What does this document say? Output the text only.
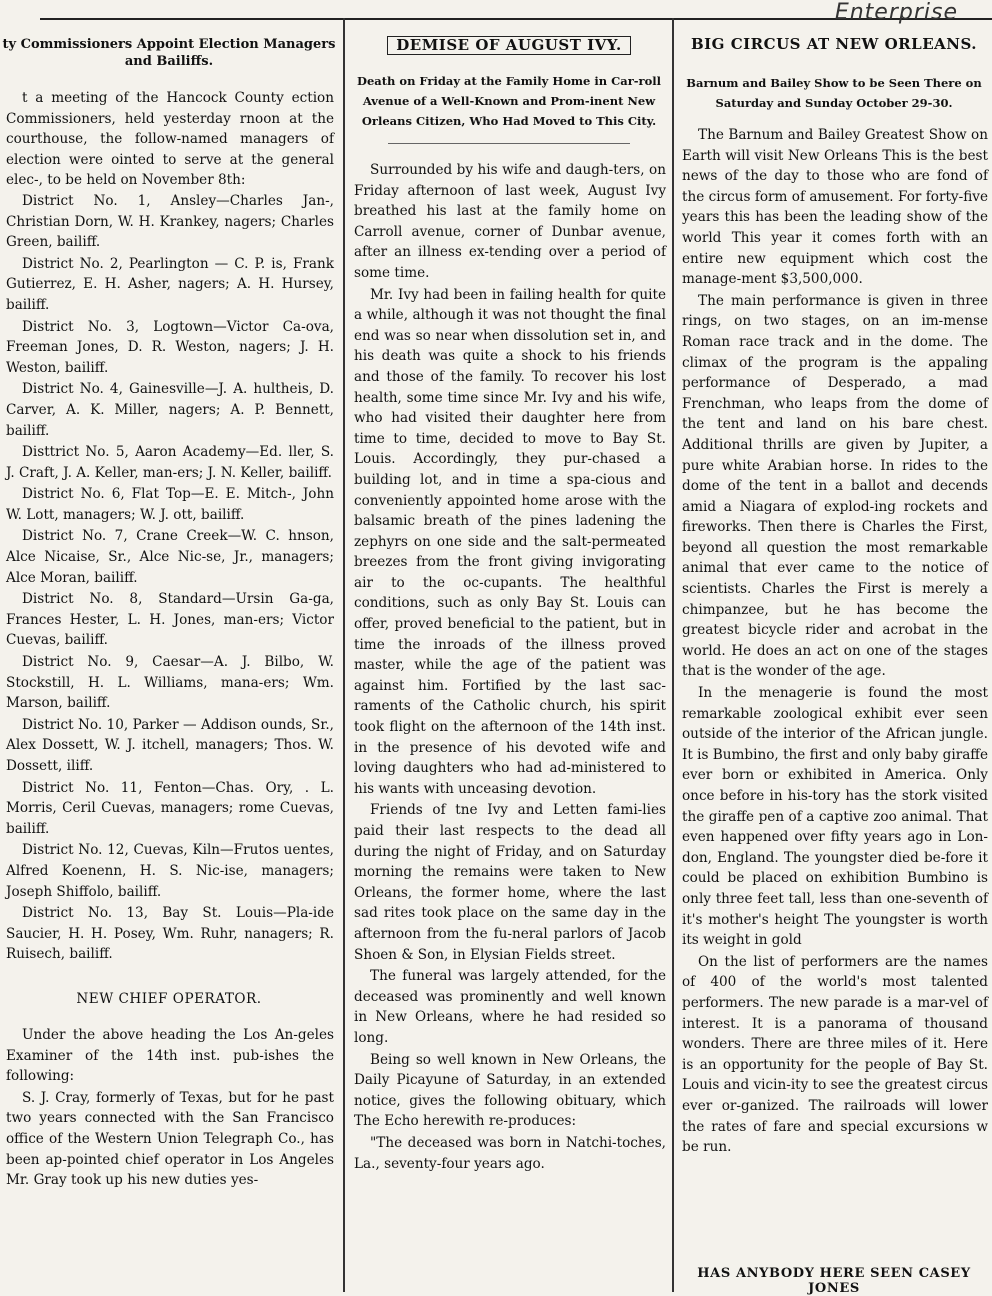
Enterprise
ty Commissioners Appoint Election Managers and Bailiffs.

t a meeting of the Hancock County ection Commissioners, held yesterday rnoon at the courthouse, the follow-named managers of election were ointed to serve at the general elec-, to be held on November 8th:

District No. 1, Ansley—Charles Jan-, Christian Dorn, W. H. Krankey, nagers; Charles Green, bailiff.

District No. 2, Pearlington — C. P. is, Frank Gutierrez, E. H. Asher, nagers; A. H. Hursey, bailiff.

District No. 3, Logtown—Victor Ca-ova, Freeman Jones, D. R. Weston, nagers; J. H. Weston, bailiff.

District No. 4, Gainesville—J. A. hultheis, D. Carver, A. K. Miller, nagers; A. P. Bennett, bailiff.

Disttrict No. 5, Aaron Academy—Ed. ller, S. J. Craft, J. A. Keller, man-ers; J. N. Keller, bailiff.

District No. 6, Flat Top—E. E. Mitch-, John W. Lott, managers; W. J. ott, bailiff.

District No. 7, Crane Creek—W. C. hnson, Alce Nicaise, Sr., Alce Nic-se, Jr., managers; Alce Moran, bailiff.

District No. 8, Standard—Ursin Ga-ga, Frances Hester, L. H. Jones, man-ers; Victor Cuevas, bailiff.

District No. 9, Caesar—A. J. Bilbo, W. Stockstill, H. L. Williams, mana-ers; Wm. Marson, bailiff.

District No. 10, Parker — Addison ounds, Sr., Alex Dossett, W. J. itchell, managers; Thos. W. Dossett, iliff.

District No. 11, Fenton—Chas. Ory, . L. Morris, Ceril Cuevas, managers; rome Cuevas, bailiff.

District No. 12, Cuevas, Kiln—Frutos uentes, Alfred Koenenn, H. S. Nic-ise, managers; Joseph Shiffolo, bailiff.

District No. 13, Bay St. Louis—Pla-ide Saucier, H. H. Posey, Wm. Ruhr, nanagers; R. Ruisech, bailiff.

NEW CHIEF OPERATOR.

Under the above heading the Los An-geles Examiner of the 14th inst. pub-ishes the following:

S. J. Cray, formerly of Texas, but for he past two years connected with the San Francisco office of the Western Union Telegraph Co., has been ap-pointed chief operator in Los Angeles Mr. Gray took up his new duties yes-

DEMISE OF AUGUST IVY.
Death on Friday at the Family Home in Car-roll Avenue of a Well-Known and Prom-inent New Orleans Citizen, Who Had Moved to This City.

Surrounded by his wife and daugh-ters, on Friday afternoon of last week, August Ivy breathed his last at the family home on Carroll avenue, corner of Dunbar avenue, after an illness ex-tending over a period of some time.

Mr. Ivy had been in failing health for quite a while, although it was not thought the final end was so near when dissolution set in, and his death was quite a shock to his friends and those of the family. To recover his lost health, some time since Mr. Ivy and his wife, who had visited their daughter here from time to time, decided to move to Bay St. Louis. Accordingly, they pur-chased a building lot, and in time a spa-cious and conveniently appointed home arose with the balsamic breath of the pines ladening the zephyrs on one side and the salt-permeated breezes from the front giving invigorating air to the oc-cupants. The healthful conditions, such as only Bay St. Louis can offer, proved beneficial to the patient, but in time the inroads of the illness proved master, while the age of the patient was against him. Fortified by the last sac-raments of the Catholic church, his spirit took flight on the afternoon of the 14th inst. in the presence of his devoted wife and loving daughters who had ad-ministered to his wants with unceasing devotion.

Friends of tne Ivy and Letten fami-lies paid their last respects to the dead all during the night of Friday, and on Saturday morning the remains were taken to New Orleans, the former home, where the last sad rites took place on the same day in the afternoon from the fu-neral parlors of Jacob Shoen & Son, in Elysian Fields street.

The funeral was largely attended, for the deceased was prominently and well known in New Orleans, where he had resided so long.

Being so well known in New Orleans, the Daily Picayune of Saturday, in an extended notice, gives the following obituary, which The Echo herewith re-produces:

"The deceased was born in Natchi-toches, La., seventy-four years ago.

BIG CIRCUS AT NEW ORLEANS.
Barnum and Bailey Show to be Seen There on Saturday and Sunday October 29-30.

The Barnum and Bailey Greatest Show on Earth will visit New Orleans This is the best news of the day to those who are fond of the circus form of amusement. For forty-five years this has been the leading show of the world This year it comes forth with an entire new equipment which cost the manage-ment $3,500,000.

The main performance is given in three rings, on two stages, on an im-mense Roman race track and in the dome. The climax of the program is the appaling performance of Desperado, a mad Frenchman, who leaps from the dome of the tent and land on his bare chest. Additional thrills are given by Jupiter, a pure white Arabian horse. In rides to the dome of the tent in a ballot and decends amid a Niagara of explod-ing rockets and fireworks. Then there is Charles the First, beyond all question the most remarkable animal that ever came to the notice of scientists. Charles the First is merely a chimpanzee, but he has become the greatest bicycle rider and acrobat in the world. He does an act on one of the stages that is the wonder of the age.

In the menagerie is found the most remarkable zoological exhibit ever seen outside of the interior of the African jungle. It is Bumbino, the first and only baby giraffe ever born or exhibited in America. Only once before in his-tory has the stork visited the giraffe pen of a captive zoo animal. That even happened over fifty years ago in Lon-don, England. The youngster died be-fore it could be placed on exhibition Bumbino is only three feet tall, less than one-seventh of it's mother's height The youngster is worth its weight in gold

On the list of performers are the names of 400 of the world's most talented performers. The new parade is a mar-vel of interest. It is a panorama of thousand wonders. There are three miles of it. Here is an opportunity for the people of Bay St. Louis and vicin-ity to see the greatest circus ever or-ganized. The railroads will lower the rates of fare and special excursions w be run.

HAS ANYBODY HERE SEEN CASEY JONES
